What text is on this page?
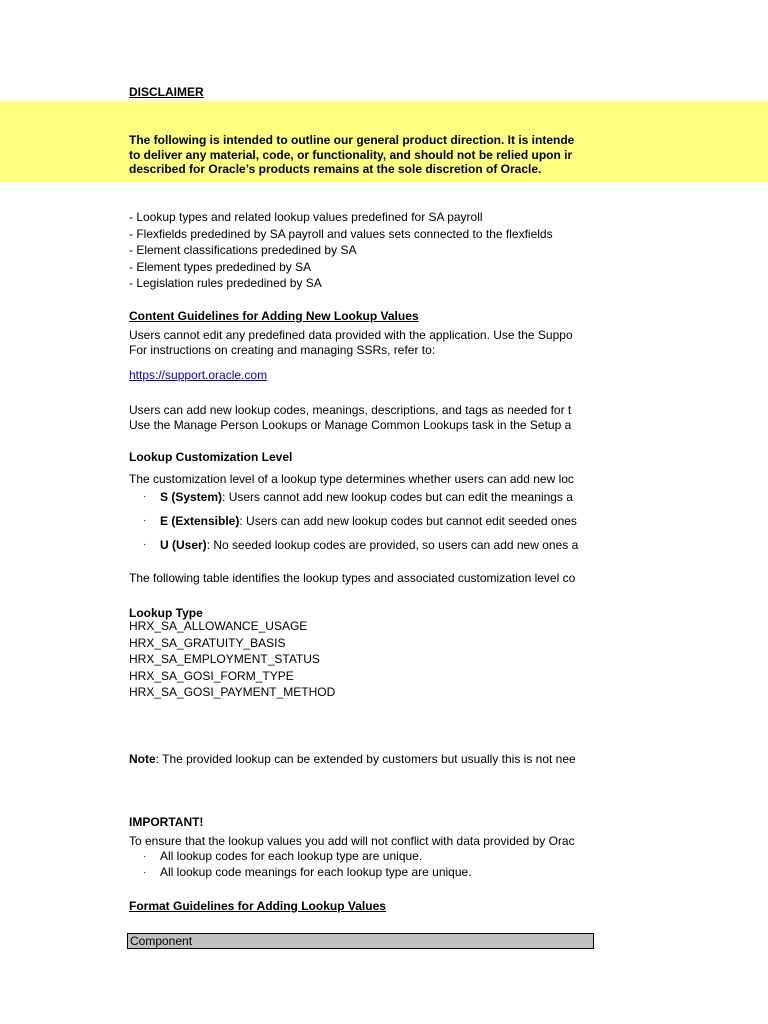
DISCLAIMER
The following is intended to outline our general product direction. It is intende
to deliver any material, code, or functionality, and should not be relied upon ir
described for Oracle’s products remains at the sole discretion of Oracle.
- Lookup types and related lookup values predefined for SA payroll
- Flexfields prededined by SA payroll and values sets connected to the flexfields
- Element classifications prededined by SA
- Element types prededined by SA
- Legislation rules prededined by SA
Content Guidelines for Adding New Lookup Values
Users cannot edit any predefined data provided with the application. Use the Suppo
For instructions on creating and managing SSRs, refer to:
https://support.oracle.com
Users can add new lookup codes, meanings, descriptions, and tags as needed for t
Use the Manage Person Lookups or Manage Common Lookups task in the Setup a
Lookup Customization Level
The customization level of a lookup type determines whether users can add new loc
· S (System): Users cannot add new lookup codes but can edit the meanings a
· E (Extensible): Users can add new lookup codes but cannot edit seeded ones
· U (User): No seeded lookup codes are provided, so users can add new ones a
The following table identifies the lookup types and associated customization level co
Lookup Type
HRX_SA_ALLOWANCE_USAGE
HRX_SA_GRATUITY_BASIS
HRX_SA_EMPLOYMENT_STATUS
HRX_SA_GOSI_FORM_TYPE
HRX_SA_GOSI_PAYMENT_METHOD
Note: The provided lookup can be extended by customers but usually this is not nee
IMPORTANT!
To ensure that the lookup values you add will not conflict with data provided by Orac
· All lookup codes for each lookup type are unique.
· All lookup code meanings for each lookup type are unique.
Format Guidelines for Adding Lookup Values
Component
